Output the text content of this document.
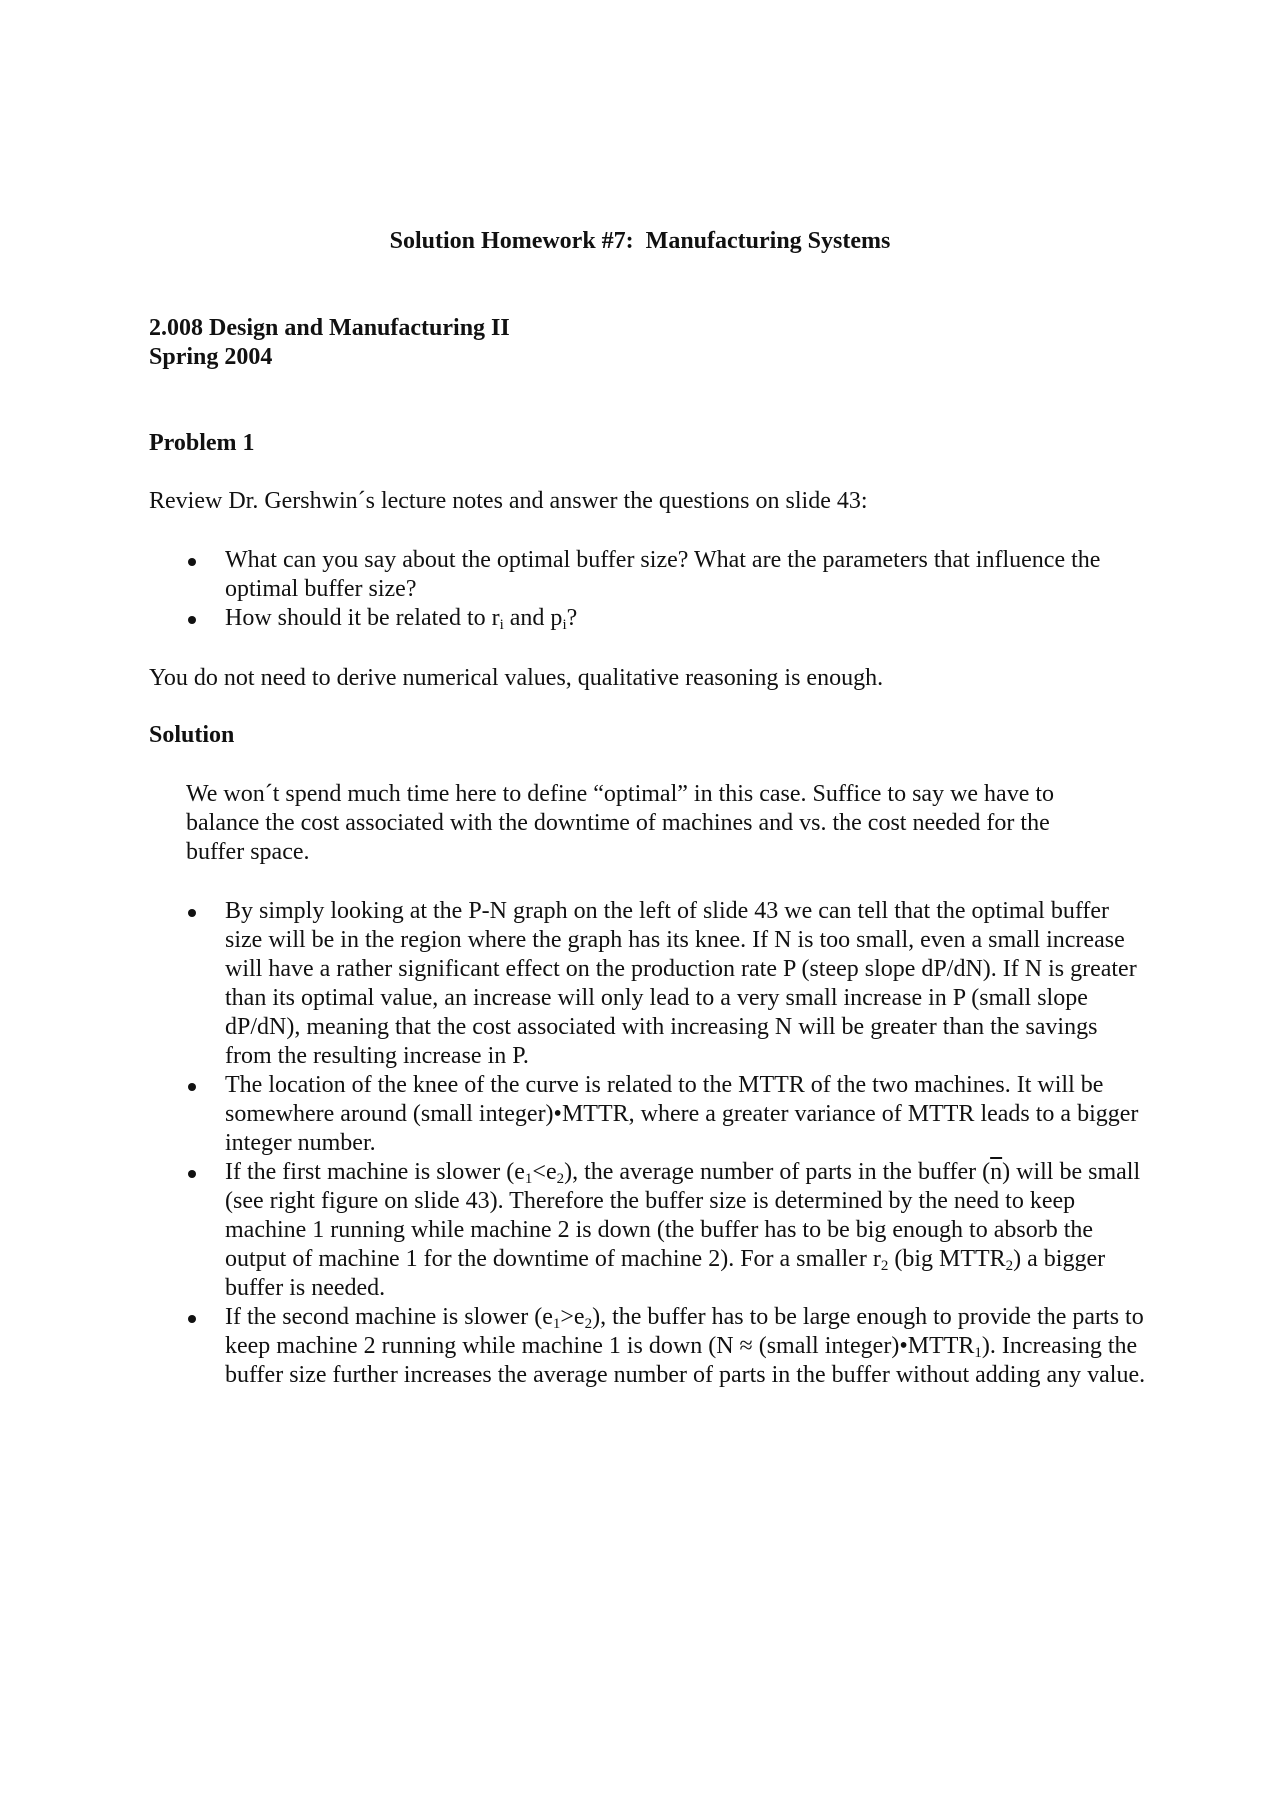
Solution Homework #7:  Manufacturing Systems
2.008 Design and Manufacturing II
Spring 2004
Problem 1
Review Dr. Gershwin´s lecture notes and answer the questions on slide 43:
What can you say about the optimal buffer size? What are the parameters that influence the optimal buffer size?
How should it be related to $r_i$ and $p_i$?
You do not need to derive numerical values, qualitative reasoning is enough.
Solution
We won´t spend much time here to define “optimal” in this case. Suffice to say we have to balance the cost associated with the downtime of machines and vs. the cost needed for the buffer space.
By simply looking at the P-N graph on the left of slide 43 we can tell that the optimal buffer size will be in the region where the graph has its knee. If N is too small, even a small increase will have a rather significant effect on the production rate P (steep slope dP/dN). If N is greater than its optimal value, an increase will only lead to a very small increase in P (small slope dP/dN), meaning that the cost associated with increasing N will be greater than the savings from the resulting increase in P.
The location of the knee of the curve is related to the MTTR of the two machines. It will be somewhere around (small integer)•MTTR, where a greater variance of MTTR leads to a bigger integer number.
If the first machine is slower $(e_1<e_2)$, the average number of parts in the buffer $(\overline{n})$ will be small (see right figure on slide 43). Therefore the buffer size is determined by the need to keep machine 1 running while machine 2 is down (the buffer has to be big enough to absorb the output of machine 1 for the downtime of machine 2). For a smaller $r_2$ (big $MTTR_2$) a bigger buffer is needed.
If the second machine is slower $(e_1>e_2)$, the buffer has to be large enough to provide the parts to keep machine 2 running while machine 1 is down (N ≈ (small $integer)•MTTR_1$). Increasing the buffer size further increases the average number of parts in the buffer without adding any value.
